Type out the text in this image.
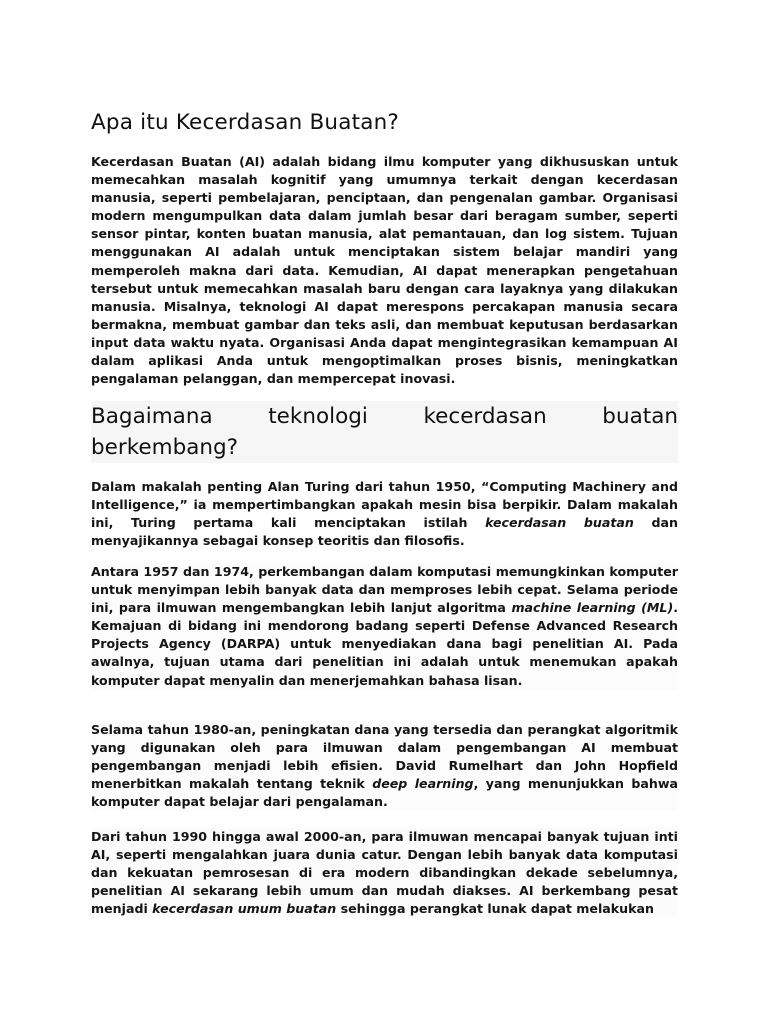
Apa itu Kecerdasan Buatan?

Kecerdasan Buatan (AI) adalah bidang ilmu komputer yang dikhususkan untuk memecahkan masalah kognitif yang umumnya terkait dengan kecerdasan manusia, seperti pembelajaran, penciptaan, dan pengenalan gambar. Organisasi modern mengumpulkan data dalam jumlah besar dari beragam sumber, seperti sensor pintar, konten buatan manusia, alat pemantauan, dan log sistem. Tujuan menggunakan AI adalah untuk menciptakan sistem belajar mandiri yang memperoleh makna dari data. Kemudian, AI dapat menerapkan pengetahuan tersebut untuk memecahkan masalah baru dengan cara layaknya yang dilakukan manusia. Misalnya, teknologi AI dapat merespons percakapan manusia secara bermakna, membuat gambar dan teks asli, dan membuat keputusan berdasarkan input data waktu nyata. Organisasi Anda dapat mengintegrasikan kemampuan AI dalam aplikasi Anda untuk mengoptimalkan proses bisnis, meningkatkan pengalaman pelanggan, dan mempercepat inovasi.

Bagaimana teknologi kecerdasan buatan
berkembang?

Dalam makalah penting Alan Turing dari tahun 1950, “Computing Machinery and Intelligence,” ia mempertimbangkan apakah mesin bisa berpikir. Dalam makalah ini, Turing pertama kali menciptakan istilah kecerdasan buatan dan menyajikannya sebagai konsep teoritis dan filosofis.

Antara 1957 dan 1974, perkembangan dalam komputasi memungkinkan komputer untuk menyimpan lebih banyak data dan memproses lebih cepat. Selama periode ini, para ilmuwan mengembangkan lebih lanjut algoritma machine learning (ML). Kemajuan di bidang ini mendorong badang seperti Defense Advanced Research Projects Agency (DARPA) untuk menyediakan dana bagi penelitian AI. Pada awalnya, tujuan utama dari penelitian ini adalah untuk menemukan apakah komputer dapat menyalin dan menerjemahkan bahasa lisan.

Selama tahun 1980-an, peningkatan dana yang tersedia dan perangkat algoritmik yang digunakan oleh para ilmuwan dalam pengembangan AI membuat pengembangan menjadi lebih efisien. David Rumelhart dan John Hopfield menerbitkan makalah tentang teknik deep learning, yang menunjukkan bahwa komputer dapat belajar dari pengalaman.

Dari tahun 1990 hingga awal 2000-an, para ilmuwan mencapai banyak tujuan inti AI, seperti mengalahkan juara dunia catur. Dengan lebih banyak data komputasi dan kekuatan pemrosesan di era modern dibandingkan dekade sebelumnya, penelitian AI sekarang lebih umum dan mudah diakses. AI berkembang pesat menjadi kecerdasan umum buatan sehingga perangkat lunak dapat melakukan
